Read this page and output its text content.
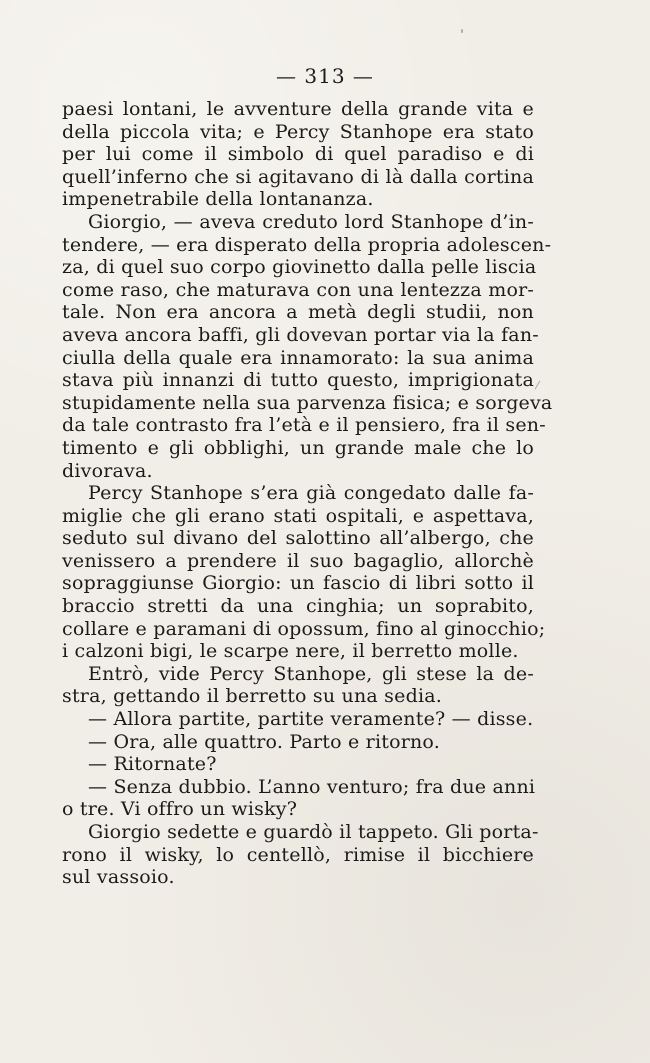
— 313 —

paesi lontani, le avventure della grande vita e
della piccola vita; e Percy Stanhope era stato
per lui come il simbolo di quel paradiso e di
quell’inferno che si agitavano di là dalla cortina
impenetrabile della lontananza.
Giorgio, — aveva creduto lord Stanhope d’in-
tendere, — era disperato della propria adolescen-
za, di quel suo corpo giovinetto dalla pelle liscia
come raso, che maturava con una lentezza mor-
tale. Non era ancora a metà degli studii, non
aveva ancora baffi, gli dovevan portar via la fan-
ciulla della quale era innamorato: la sua anima
stava più innanzi di tutto questo, imprigionata
stupidamente nella sua parvenza fisica; e sorgeva
da tale contrasto fra l’età e il pensiero, fra il sen-
timento e gli obblighi, un grande male che lo
divorava.
Percy Stanhope s’era già congedato dalle fa-
miglie che gli erano stati ospitali, e aspettava,
seduto sul divano del salottino all’albergo, che
venissero a prendere il suo bagaglio, allorchè
sopraggiunse Giorgio: un fascio di libri sotto il
braccio stretti da una cinghia; un soprabito,
collare e paramani di opossum, fino al ginocchio;
i calzoni bigi, le scarpe nere, il berretto molle.
Entrò, vide Percy Stanhope, gli stese la de-
stra, gettando il berretto su una sedia.
— Allora partite, partite veramente? — disse.
— Ora, alle quattro. Parto e ritorno.
— Ritornate?
— Senza dubbio. L’anno venturo; fra due anni
o tre. Vi offro un wisky?
Giorgio sedette e guardò il tappeto. Gli porta-
rono il wisky, lo centellò, rimise il bicchiere
sul vassoio.
